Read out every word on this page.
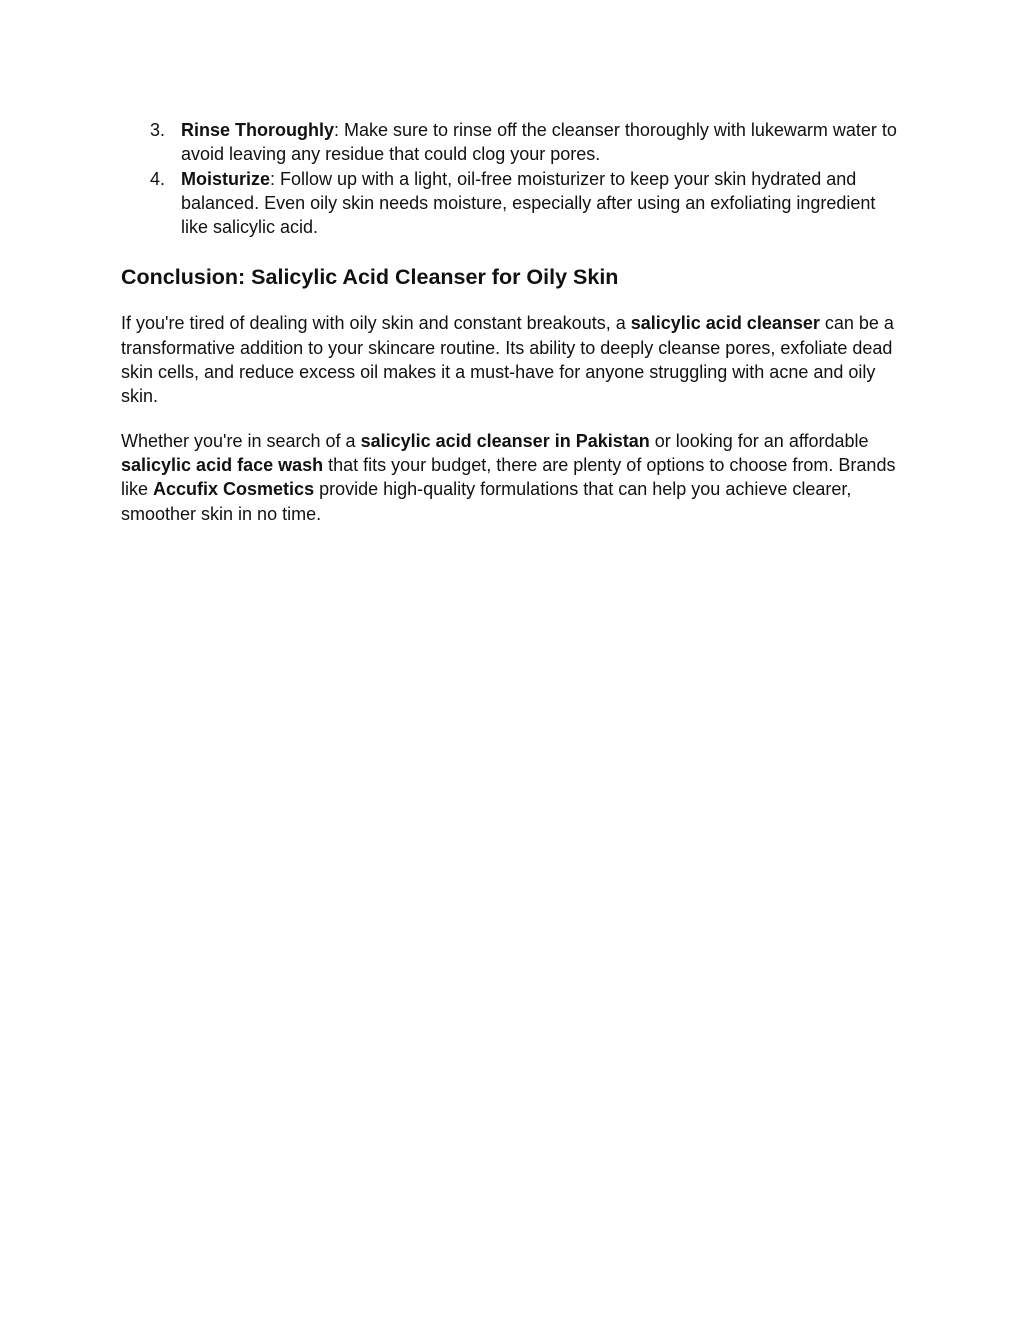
3. Rinse Thoroughly: Make sure to rinse off the cleanser thoroughly with lukewarm water to avoid leaving any residue that could clog your pores.
4. Moisturize: Follow up with a light, oil-free moisturizer to keep your skin hydrated and balanced. Even oily skin needs moisture, especially after using an exfoliating ingredient like salicylic acid.
Conclusion: Salicylic Acid Cleanser for Oily Skin

If you're tired of dealing with oily skin and constant breakouts, a salicylic acid cleanser can be a transformative addition to your skincare routine. Its ability to deeply cleanse pores, exfoliate dead skin cells, and reduce excess oil makes it a must-have for anyone struggling with acne and oily skin.

Whether you're in search of a salicylic acid cleanser in Pakistan or looking for an affordable salicylic acid face wash that fits your budget, there are plenty of options to choose from. Brands like Accufix Cosmetics provide high-quality formulations that can help you achieve clearer, smoother skin in no time.
